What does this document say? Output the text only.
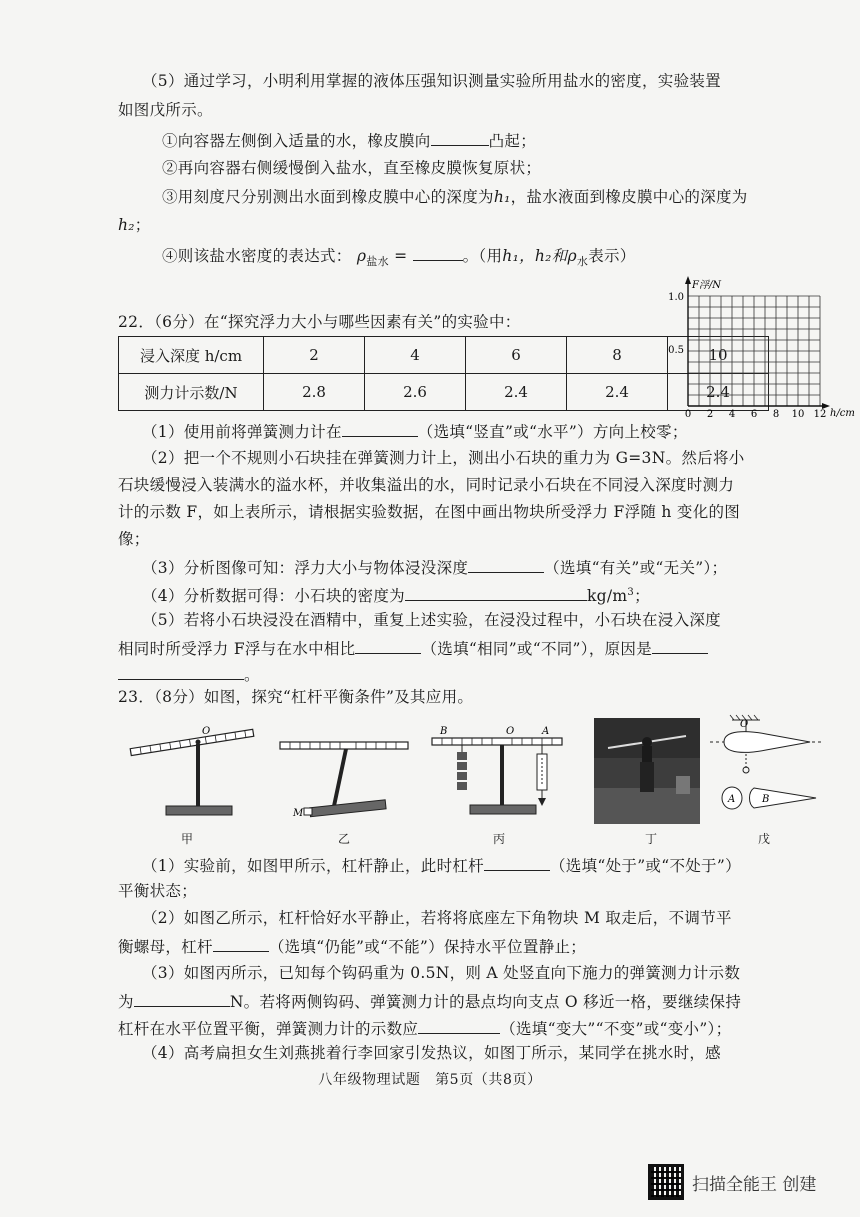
（5）通过学习，小明利用掌握的液体压强知识测量实验所用盐水的密度，实验装置
如图戊所示。
①向容器左侧倒入适量的水，橡皮膜向	凸起；
②再向容器右侧缓慢倒入盐水，直至橡皮膜恢复原状；
③用刻度尺分别测出水面到橡皮膜中心的深度为h₁，盐水液面到橡皮膜中心的深度为
h₂；
④则该盐水密度的表达式： $\rho_{盐水}$ =	。（用h₁，h₂和$\rho_水$表示）
22．（6分）在“探究浮力大小与哪些因素有关”的实验中：
浸入深度 h/cm	2	4	6	8	10
测力计示数/N	2.8	2.6	2.4	2.4	2.4
F浮/N
1.0
0.5
0 2 4 6 8 10 12 h/cm
（1）使用前将弹簧测力计在	（选填“竖直”或“水平”）方向上校零；
（2）把一个不规则小石块挂在弹簧测力计上，测出小石块的重力为 G=3N。然后将小
石块缓慢浸入装满水的溢水杯，并收集溢出的水，同时记录小石块在不同浸入深度时测力
计的示数 F，如上表所示，请根据实验数据，在图中画出物块所受浮力 F浮随 h 变化的图
像；
（3）分析图像可知：浮力大小与物体浸没深度	（选填“有关”或“无关”）；
（4）分析数据可得：小石块的密度为	$kg/m^3$；
（5）若将小石块浸没在酒精中，重复上述实验，在浸没过程中，小石块在浸入深度
相同时所受浮力 F浮与在水中相比	（选填“相同”或“不同”），原因是
。
23．（8分）如图，探究“杠杆平衡条件”及其应用。
O
甲
M
乙
B	O	A
丙	丁
O
A	B
戊
（1）实验前，如图甲所示，杠杆静止，此时杠杆	（选填“处于”或“不处于”）
平衡状态；
（2）如图乙所示，杠杆恰好水平静止，若将将底座左下角物块 M 取走后，不调节平
衡螺母，杠杆	（选填“仍能”或“不能”）保持水平位置静止；
（3）如图丙所示，已知每个钩码重为 0.5N，则 A 处竖直向下施力的弹簧测力计示数
为	N。若将两侧钩码、弹簧测力计的悬点均向支点 O 移近一格，要继续保持
杠杆在水平位置平衡，弹簧测力计的示数应	（选填“变大”“不变”或“变小”）；
（4）高考扁担女生刘燕挑着行李回家引发热议，如图丁所示，某同学在挑水时，感
八年级物理试题　第5页（共8页）
扫描全能王 创建
